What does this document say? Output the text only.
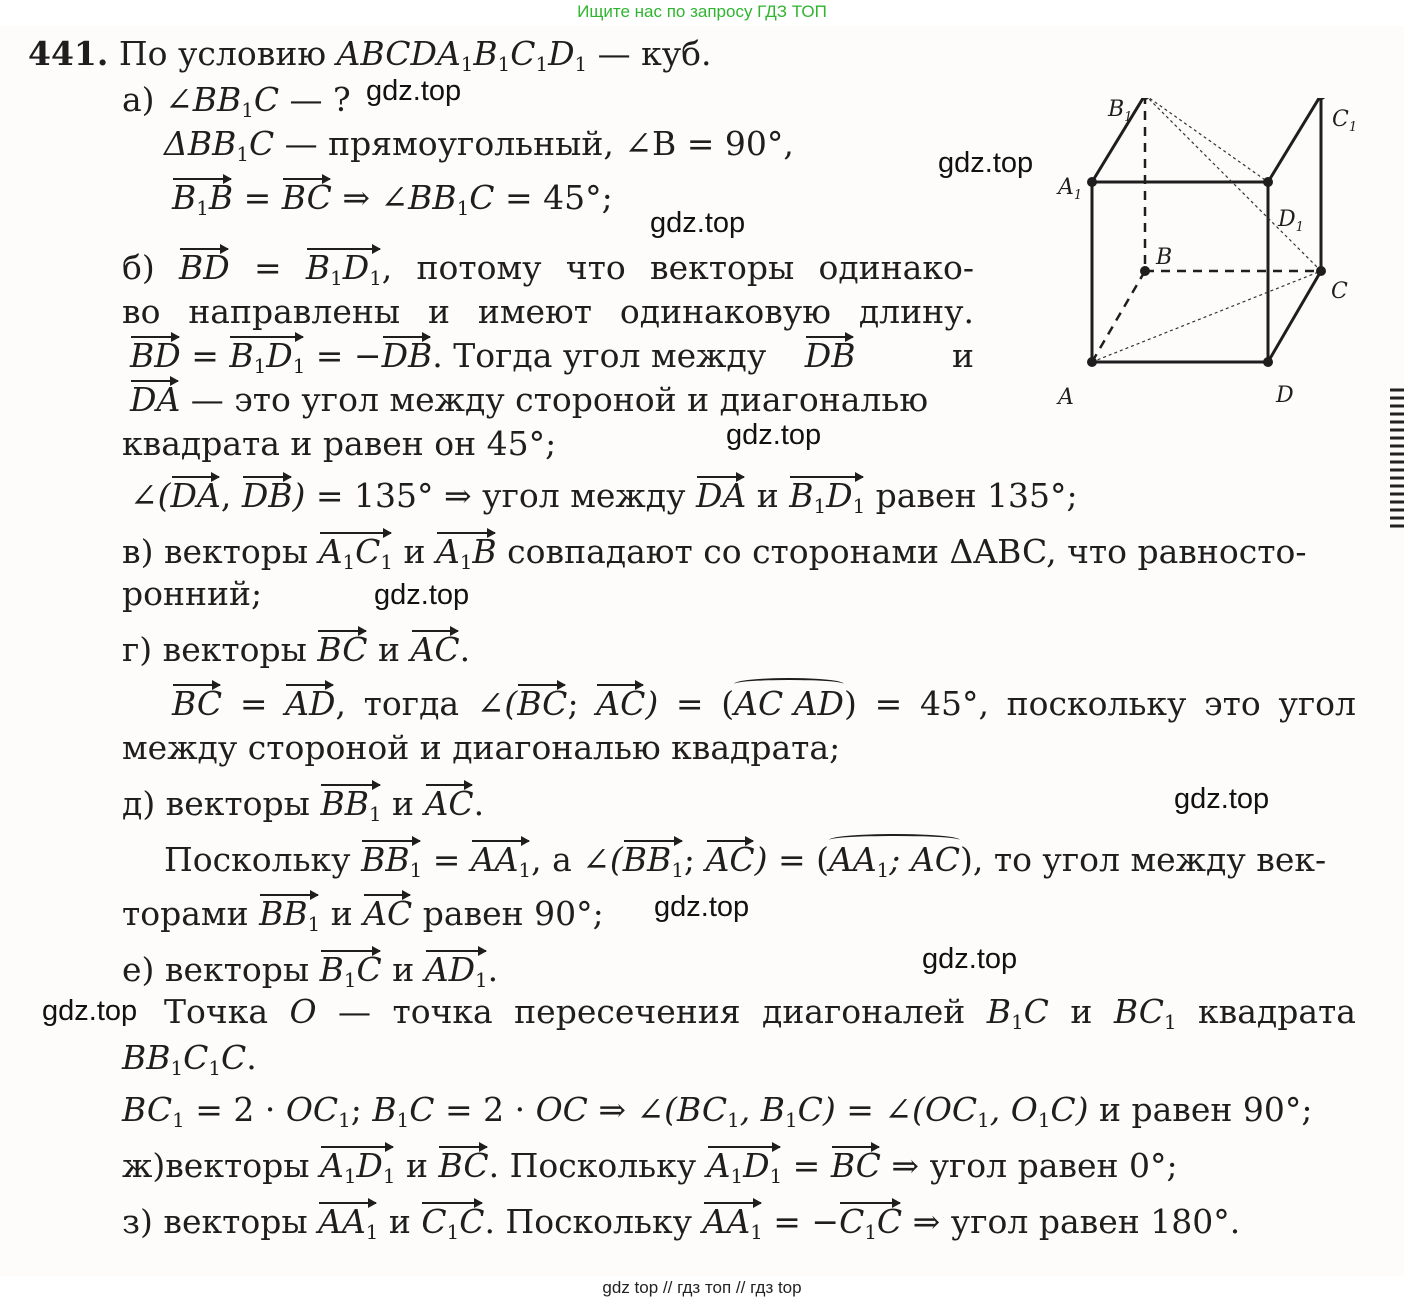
Ищите нас по запросу ГДЗ ТОП
441. По условию $ABCDA_1B_1C_1D_1$ — куб.
а) $\angle BB_1C$ — ?
$\Delta BB_1C$ — прямоугольный, ∠B = 90°,
$B_1B$ = BC ⇒ $\angle BB_1C = 45^\circ$;
б) BD = $B_1D_1$, потому что векторы одинако-
во направлены и имеют одинаковую длину.
BD = $B_1D_1 = -DB$. Тогда угол между DB	и
DA — это угол между стороной и диагональю
квадрата и равен он 45°;
∠(DA, DB) = 135° ⇒ угол между DA и $B_1D_1$ равен 135°;
в) векторы $A_1C_1$ и $A_1B$ совпадают со сторонами ΔABC, что равносто-
ронний;
г) векторы BC и AC.
BC = AD, тогда ∠(BC; AC) = (AC AD) = 45°, поскольку это угол
между стороной и диагональю квадрата;
д) векторы $BB_1$ и AC.
Поскольку $BB_1 = AA_1$, а $\angle(BB_1$; $AC) = (AA_1$; AC), то угол между век-
торами $BB_1$ и AC равен 90°;
е) векторы $B_1C$ и $AD_1$.
Точка O — точка пересечения диагоналей $B_1C$ и $BC_1$ квадрата
$BB_1C_1C$.
$BC_1 = 2 \cdot OC_1$; $B_1C = 2$ · OC ⇒ $\angle(BC_1$, $B_1C$) = $\angle(OC_1$, $O_1C$) и равен 90°;
ж)векторы $A_1D_1$ и BC. Поскольку $A_1D_1$ = BC ⇒ угол равен 0°;
з) векторы $AA_1$ и $C_1C$. Поскольку $AA_1 = -C_1C$ ⇒ угол равен 180°.
$B_1$	$C_1$
$A_1$
$D_1$
B
C
A	D
gdz.top
gdz.top
gdz.top
gdz.top
gdz.top
gdz.top
gdz.top
gdz.top
gdz.top
gdz top // гдз топ // гдз top
